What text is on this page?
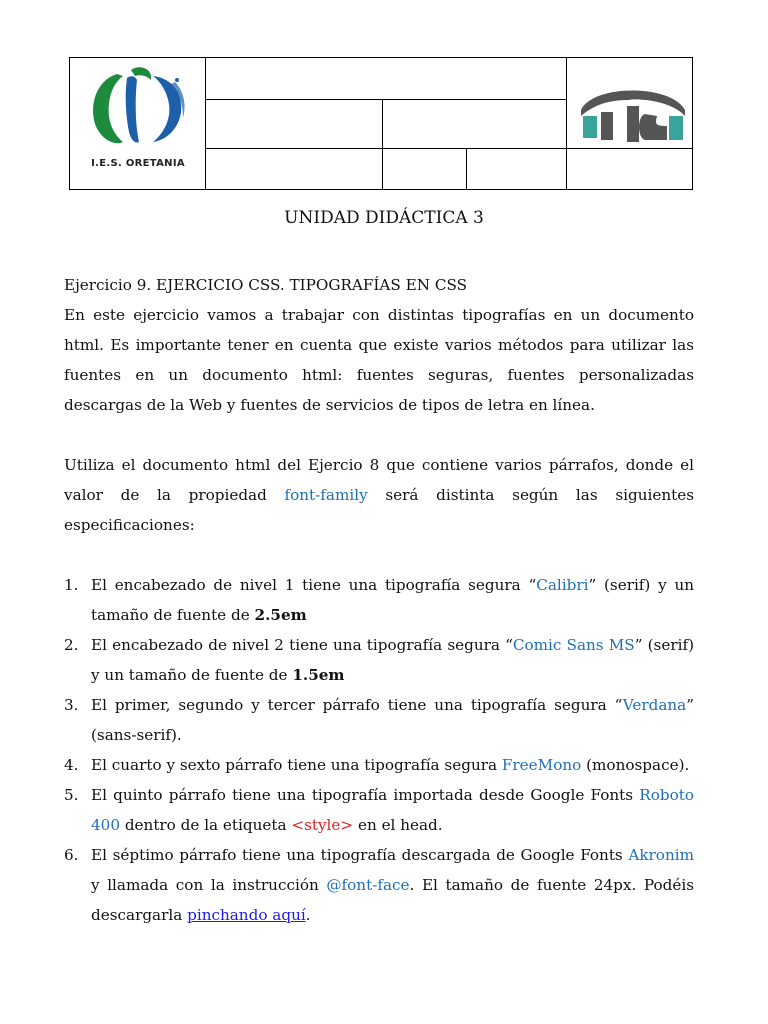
I.E.S. ORETANIA
UNIDAD DIDÁCTICA 3

Ejercicio 9. EJERCICIO CSS. TIPOGRAFÍAS EN CSS

En este ejercicio vamos a trabajar con distintas tipografías en un documento html. Es importante tener en cuenta que existe varios métodos para utilizar las fuentes en un documento html: fuentes seguras, fuentes personalizadas descargas de la Web y fuentes de servicios de tipos de letra en línea.

Utiliza el documento html del Ejercio 8 que contiene varios párrafos, donde el valor de la propiedad font-family será distinta según las siguientes especificaciones:

1. El encabezado de nivel 1 tiene una tipografía segura “Calibri” (serif) y un tamaño de fuente de 2.5em
2. El encabezado de nivel 2 tiene una tipografía segura “Comic Sans MS” (serif) y un tamaño de fuente de 1.5em
3. El primer, segundo y tercer párrafo tiene una tipografía segura “Verdana” (sans-serif).
4. El cuarto y sexto párrafo tiene una tipografía segura FreeMono (monospace).
5. El quinto párrafo tiene una tipografía importada desde Google Fonts Roboto 400 dentro de la etiqueta <style> en el head.
6. El séptimo párrafo tiene una tipografía descargada de Google Fonts Akronim y llamada con la instrucción @font-face. El tamaño de fuente 24px. Podéis descargarla pinchando aquí.
